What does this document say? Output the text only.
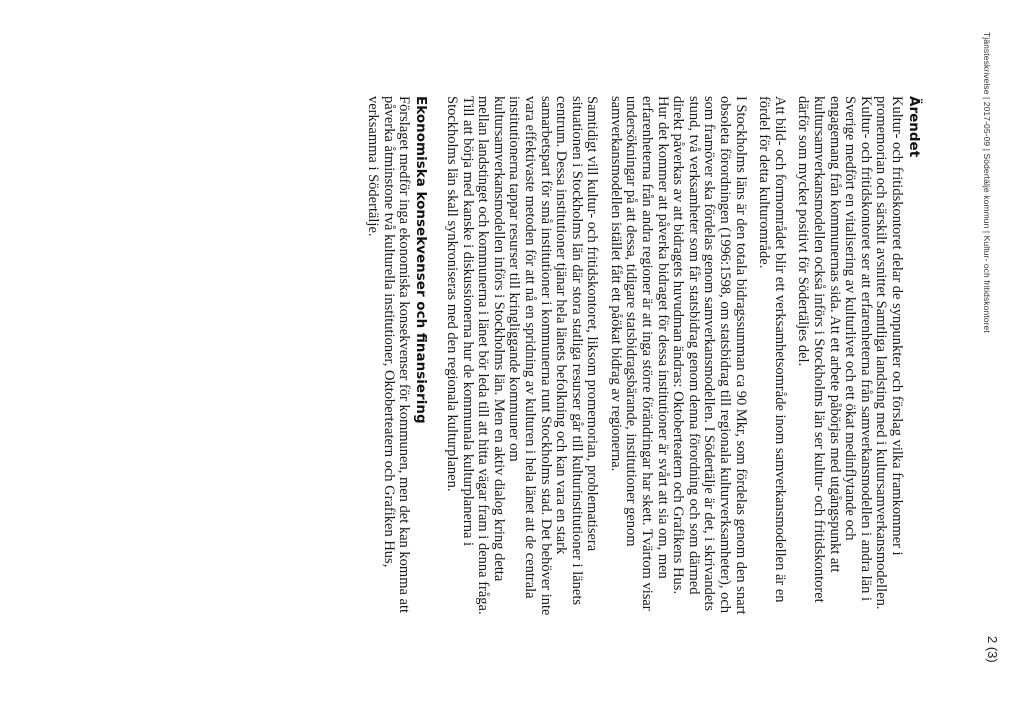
Tjänsteskrivelse | 2017-05-09 | Södertälje kommun | Kultur- och fritidskontoret
2 (3)
Ärendet

Kultur- och fritidskontoret delar de synpunkter och förslag vilka framkommer i promemorian och särskilt avsnittet Samtliga landsting med i kultursamverkansmodellen. Kultur- och fritidskontoret ser att erfarenheterna från samverkansmodellen i andra län i Sverige medfört en vitalisering av kulturlivet och ett ökat medinflytande och engagemang från kommunernas sida. Att ett arbete påbörjas med utgångspunkt att kultursamverkansmodellen också införs i Stockholms län ser kultur- och fritidskontoret därför som mycket positivt för Södertäljes del.

Att bild- och formområdet blir ett verksamhetsområde inom samverkansmodellen är en fördel för detta kulturområde.

I Stockholms läns är den totala bidragssumman ca 90 Mkr, som fördelas genom den snart obsoleta förordningen (1996:1598, om statsbidrag till regionala kulturverksamheter), och som framöver ska fördelas genom samverkansmodellen. I Södertälje är det, i skrivandets stund, två verksamheter som får statsbidrag genom denna förordning och som därmed direkt påverkas av att bidragets huvudman ändras: Oktoberteatern och Grafikens Hus. Hur det kommer att påverka bidraget för dessa institutioner är svårt att sia om, men erfarenheterna från andra regioner är att inga större förändringar har skett. Tvärtom visar undersökningar på att dessa, tidigare statsbidragsbärande, institutioner genom samverkansmodellen istället fått ett påökat bidrag av regionerna.

Samtidigt vill kultur- och fritidskontoret, liksom promemorian, problematisera situationen i Stockholms län där stora statliga resurser går till kulturinstitutioner i länets centrum. Dessa institutioner tjänar hela länets befolkning och kan vara en stark samarbetspart för små institutioner i kommunerna runt Stockholms stad. Det behöver inte vara effektivaste metoden för att nå en spridning av kulturen i hela länet att de centrala institutionerna tappar resurser till kringliggande kommuner om kultursamverkansmodellen införs i Stockholms län. Men en aktiv dialog kring detta mellan landstinget och kommunerna i länet bör leda till att hitta vägar fram i denna fråga. Till att börja med kanske i diskussionerna hur de kommunala kulturplanerna i Stockholms län skall synkroniseras med den regionala kulturplanen.

Ekonomiska konsekvenser och finansiering

Förslaget medför inga ekonomiska konsekvenser för kommunen, men det kan komma att påverka åtminstone två kulturella institutioner, Oktoberteatern och Grafiken Hus, verksamma i Södertälje.
